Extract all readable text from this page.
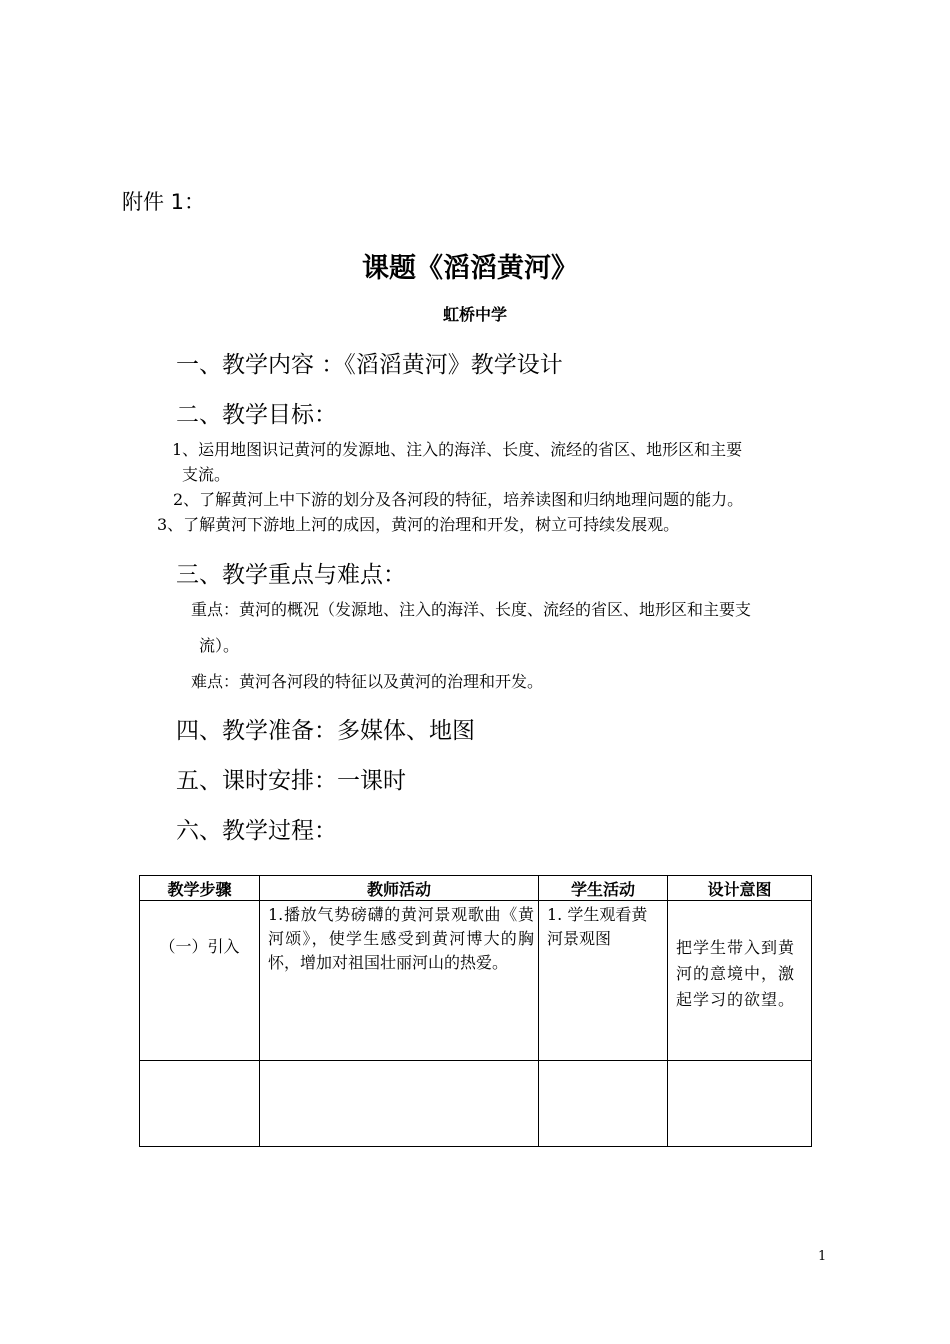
附件 1：
课题《滔滔黄河》
虹桥中学
一、教学内容 ：《滔滔黄河》教学设计
二、教学目标：
1、运用地图识记黄河的发源地、注入的海洋、长度、流经的省区、地形区和主要
支流。
2、了解黄河上中下游的划分及各河段的特征，培养读图和归纳地理问题的能力。
3、了解黄河下游地上河的成因，黄河的治理和开发，树立可持续发展观。
三、教学重点与难点：
重点：黄河的概况（发源地、注入的海洋、长度、流经的省区、地形区和主要支
流）。
难点：黄河各河段的特征以及黄河的治理和开发。
四、教学准备：多媒体、地图
五、课时安排：一课时
六、教学过程：
教学步骤	教师活动	学生活动	设计意图
（一）引入	1.播放气势磅礴的黄河景观歌曲《黄河颂》，使学生感受到黄河博大的胸怀，增加对祖国壮丽河山的热爱。	1. 学生观看黄河景观图	把学生带入到黄河的意境中，激起学习的欲望。

1
